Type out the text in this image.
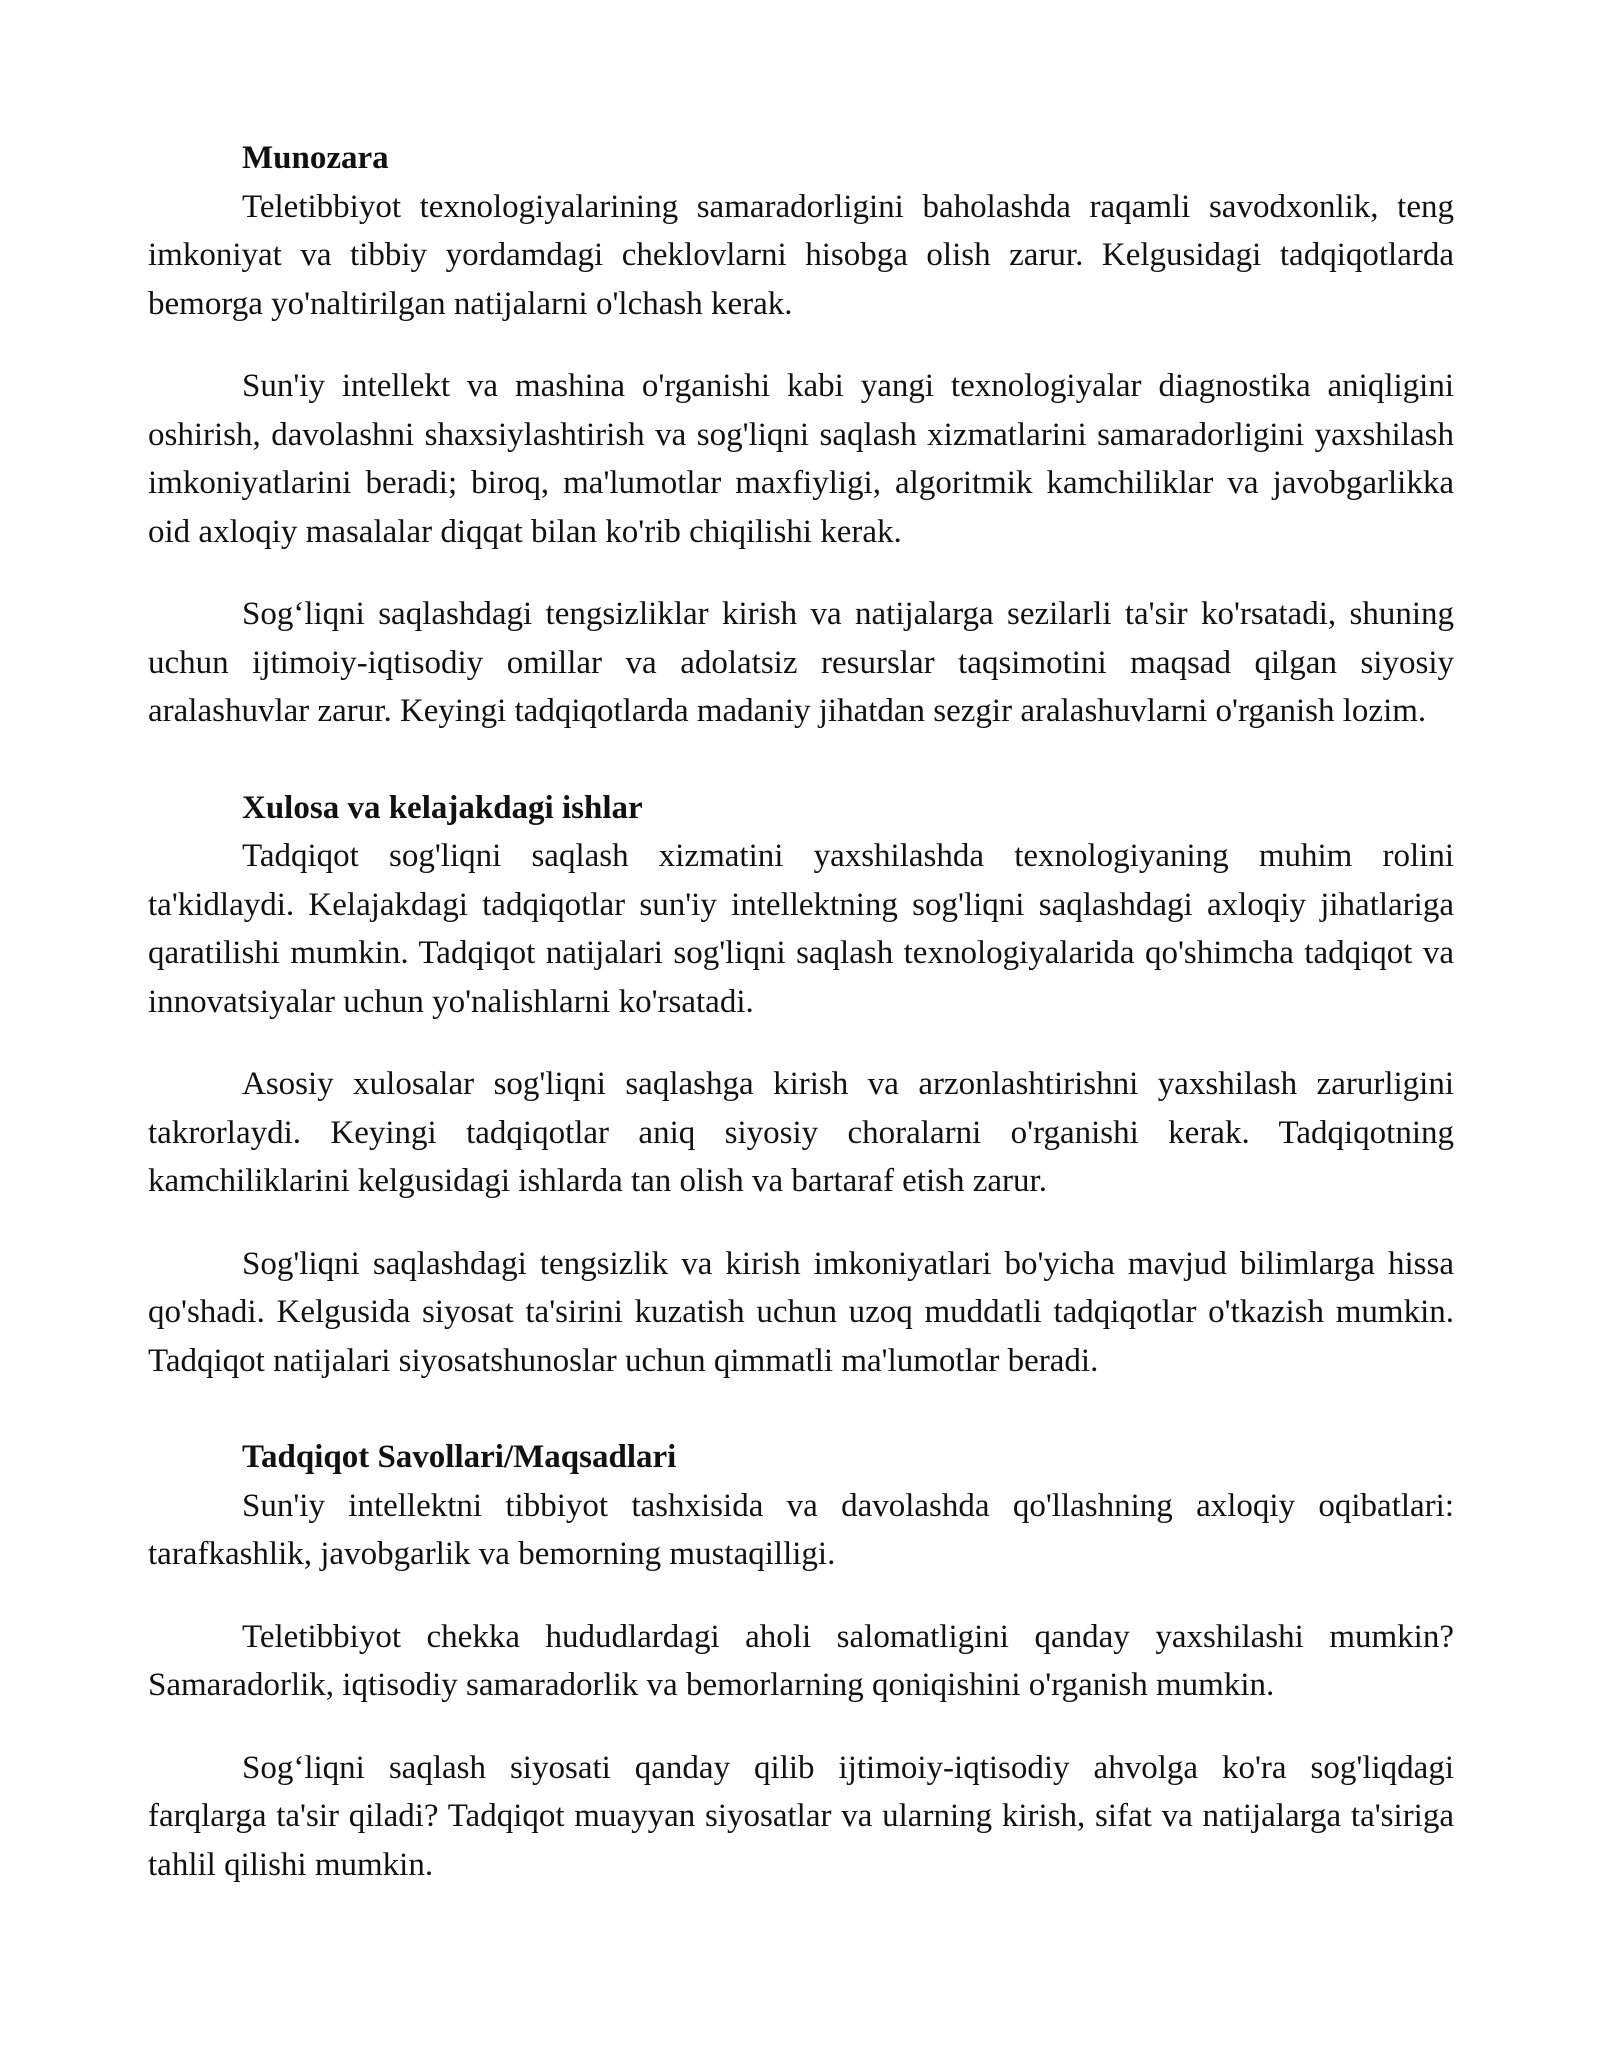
Munozara

Teletibbiyot texnologiyalarining samaradorligini baholashda raqamli savodxonlik, teng imkoniyat va tibbiy yordamdagi cheklovlarni hisobga olish zarur. Kelgusidagi tadqiqotlarda bemorga yo'naltirilgan natijalarni o'lchash kerak.

Sun'iy intellekt va mashina o'rganishi kabi yangi texnologiyalar diagnostika aniqligini oshirish, davolashni shaxsiylashtirish va sog'liqni saqlash xizmatlarini samaradorligini yaxshilash imkoniyatlarini beradi; biroq, ma'lumotlar maxfiyligi, algoritmik kamchiliklar va javobgarlikka oid axloqiy masalalar diqqat bilan ko'rib chiqilishi kerak.

Sog‘liqni saqlashdagi tengsizliklar kirish va natijalarga sezilarli ta'sir ko'rsatadi, shuning uchun ijtimoiy-iqtisodiy omillar va adolatsiz resurslar taqsimotini maqsad qilgan siyosiy aralashuvlar zarur. Keyingi tadqiqotlarda madaniy jihatdan sezgir aralashuvlarni o'rganish lozim.

Xulosa va kelajakdagi ishlar

Tadqiqot sog'liqni saqlash xizmatini yaxshilashda texnologiyaning muhim rolini ta'kidlaydi. Kelajakdagi tadqiqotlar sun'iy intellektning sog'liqni saqlashdagi axloqiy jihatlariga qaratilishi mumkin. Tadqiqot natijalari sog'liqni saqlash texnologiyalarida qo'shimcha tadqiqot va innovatsiyalar uchun yo'nalishlarni ko'rsatadi.

Asosiy xulosalar sog'liqni saqlashga kirish va arzonlashtirishni yaxshilash zarurligini takrorlaydi. Keyingi tadqiqotlar aniq siyosiy choralarni o'rganishi kerak. Tadqiqotning kamchiliklarini kelgusidagi ishlarda tan olish va bartaraf etish zarur.

Sog'liqni saqlashdagi tengsizlik va kirish imkoniyatlari bo'yicha mavjud bilimlarga hissa qo'shadi. Kelgusida siyosat ta'sirini kuzatish uchun uzoq muddatli tadqiqotlar o'tkazish mumkin. Tadqiqot natijalari siyosatshunoslar uchun qimmatli ma'lumotlar beradi.

Tadqiqot Savollari/Maqsadlari

Sun'iy intellektni tibbiyot tashxisida va davolashda qo'llashning axloqiy oqibatlari: tarafkashlik, javobgarlik va bemorning mustaqilligi.

Teletibbiyot chekka hududlardagi aholi salomatligini qanday yaxshilashi mumkin? Samaradorlik, iqtisodiy samaradorlik va bemorlarning qoniqishini o'rganish mumkin.

Sog‘liqni saqlash siyosati qanday qilib ijtimoiy-iqtisodiy ahvolga ko'ra sog'liqdagi farqlarga ta'sir qiladi? Tadqiqot muayyan siyosatlar va ularning kirish, sifat va natijalarga ta'siriga tahlil qilishi mumkin.
